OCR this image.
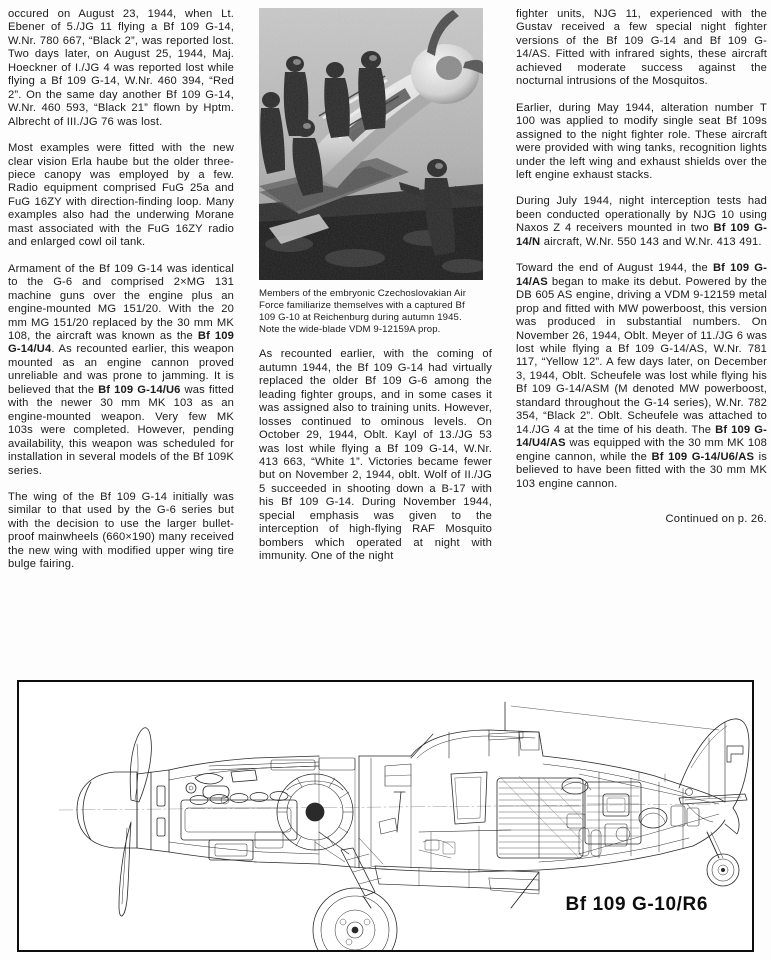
occured on August 23, 1944, when Lt. Ebener of 5./JG 11 flying a Bf 109 G-14, W.Nr. 780 667, “Black 2”, was reported lost. Two days later, on August 25, 1944, Maj. Hoeckner of I./JG 4 was reported lost while flying a Bf 109 G-14, W.Nr. 460 394, “Red 2”. On the same day another Bf 109 G-14, W.Nr. 460 593, “Black 21” flown by Hptm. Albrecht of III./JG 76 was lost.

Most examples were fitted with the new clear vision Erla haube but the older three-piece canopy was employed by a few. Radio equipment comprised FuG 25a and FuG 16ZY with direction-finding loop. Many examples also had the underwing Morane mast associated with the FuG 16ZY radio and enlarged cowl oil tank.

Armament of the Bf 109 G-14 was identical to the G-6 and comprised 2×MG 131 machine guns over the engine plus an engine-mounted MG 151/20. With the 20 mm MG 151/20 replaced by the 30 mm MK 108, the aircraft was known as the Bf 109 G-14/U4. As recounted earlier, this weapon mounted as an engine cannon proved unreliable and was prone to jamming. It is believed that the Bf 109 G-14/U6 was fitted with the newer 30 mm MK 103 as an engine-mounted weapon. Very few MK 103s were completed. However, pending availability, this weapon was scheduled for installation in several models of the Bf 109K series.

The wing of the Bf 109 G-14 initially was similar to that used by the G-6 series but with the decision to use the larger bullet-proof mainwheels (660×190) many received the new wing with modified upper wing tire bulge fairing.

Members of the embryonic Czechoslovakian Air Force familiarize themselves with a captured Bf 109 G-10 at Reichenburg during autumn 1945. Note the wide-blade VDM 9-12159A prop.

As recounted earlier, with the coming of autumn 1944, the Bf 109 G-14 had virtually replaced the older Bf 109 G-6 among the leading fighter groups, and in some cases it was assigned also to training units. However, losses continued to ominous levels. On October 29, 1944, Oblt. Kayl of 13./JG 53 was lost while flying a Bf 109 G-14, W.Nr. 413 663, “White 1”. Victories became fewer but on November 2, 1944, oblt. Wolf of II./JG 5 succeeded in shooting down a B-17 with his Bf 109 G-14. During November 1944, special emphasis was given to the interception of high-flying RAF Mosquito bombers which operated at night with immunity. One of the night

fighter units, NJG 11, experienced with the Gustav received a few special night fighter versions of the Bf 109 G-14 and Bf 109 G-14/AS. Fitted with infrared sights, these aircraft achieved moderate success against the nocturnal intrusions of the Mosquitos.

Earlier, during May 1944, alteration number T 100 was applied to modify single seat Bf 109s assigned to the night fighter role. These aircraft were provided with wing tanks, recognition lights under the left wing and exhaust shields over the left engine exhaust stacks.

During July 1944, night interception tests had been conducted operationally by NJG 10 using Naxos Z 4 receivers mounted in two Bf 109 G-14/N aircraft, W.Nr. 550 143 and W.Nr. 413 491.

Toward the end of August 1944, the Bf 109 G-14/AS began to make its debut. Powered by the DB 605 AS engine, driving a VDM 9-12159 metal prop and fitted with MW powerboost, this version was produced in substantial numbers. On November 26, 1944, Oblt. Meyer of 11./JG 6 was lost while flying a Bf 109 G-14/AS, W.Nr. 781 117, “Yellow 12”. A few days later, on December 3, 1944, Oblt. Scheufele was lost while flying his Bf 109 G-14/ASM (M denoted MW powerboost, standard throughout the G-14 series), W.Nr. 782 354, “Black 2”. Oblt. Scheufele was attached to 14./JG 4 at the time of his death. The Bf 109 G-14/U4/AS was equipped with the 30 mm MK 108 engine cannon, while the Bf 109 G-14/U6/AS is believed to have been fitted with the 30 mm MK 103 engine cannon.

Continued on p. 26.
Bf 109 G-10/R6
